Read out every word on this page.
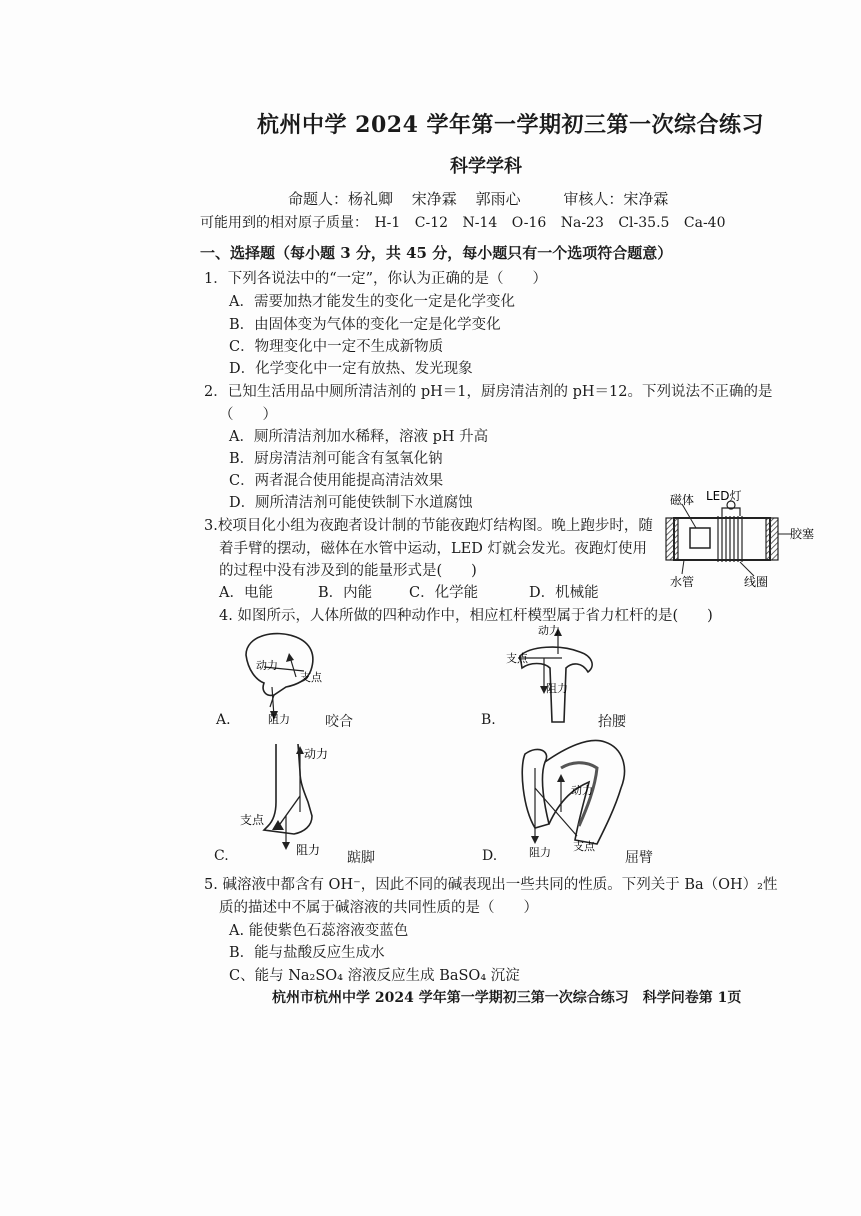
杭州中学 2024 学年第一学期初三第一次综合练习
科学学科
命题人：杨礼卿 宋净霖 郭雨心	审核人：宋净霖
可能用到的相对原子质量： H-1 C-12 N-14 O-16 Na-23 Cl-35.5 Ca-40
一、选择题（每小题 3 分，共 45 分，每小题只有一个选项符合题意）
1．下列各说法中的“一定”，你认为正确的是（　　）
A．需要加热才能发生的变化一定是化学变化
B．由固体变为气体的变化一定是化学变化
C．物理变化中一定不生成新物质
D．化学变化中一定有放热、发光现象
2．已知生活用品中厕所清洁剂的 pH＝1，厨房清洁剂的 pH＝12。下列说法不正确的是
（　　）
A．厕所清洁剂加水稀释，溶液 pH 升高
B．厨房清洁剂可能含有氢氧化钠
C．两者混合使用能提高清洁效果
D．厕所清洁剂可能使铁制下水道腐蚀
3.校项目化小组为夜跑者设计制的节能夜跑灯结构图。晚上跑步时，随
着手臂的摆动，磁体在水管中运动，LED 灯就会发光。夜跑灯使用
的过程中没有涉及到的能量形式是(　　)
A．电能	B．内能	C．化学能	D．机械能
磁体 LED灯
胶塞
水管	线圈
4. 如图所示，人体所做的四种动作中，相应杠杆模型属于省力杠杆的是(　　)
动力
支点
阻力
A.	咬合
动力
支点
阻力
B.	抬腰
动力
支点
阻力
C.	踮脚
动力
阻力 支点
D.	屈臂
5. 碱溶液中都含有 OH⁻，因此不同的碱表现出一些共同的性质。下列关于 Ba（OH）₂性
质的描述中不属于碱溶液的共同性质的是（　　）
A. 能使紫色石蕊溶液变蓝色
B．能与盐酸反应生成水
C、能与 Na₂SO₄ 溶液反应生成 BaSO₄ 沉淀
杭州市杭州中学 2024 学年第一学期初三第一次综合练习　科学问卷第 1页
